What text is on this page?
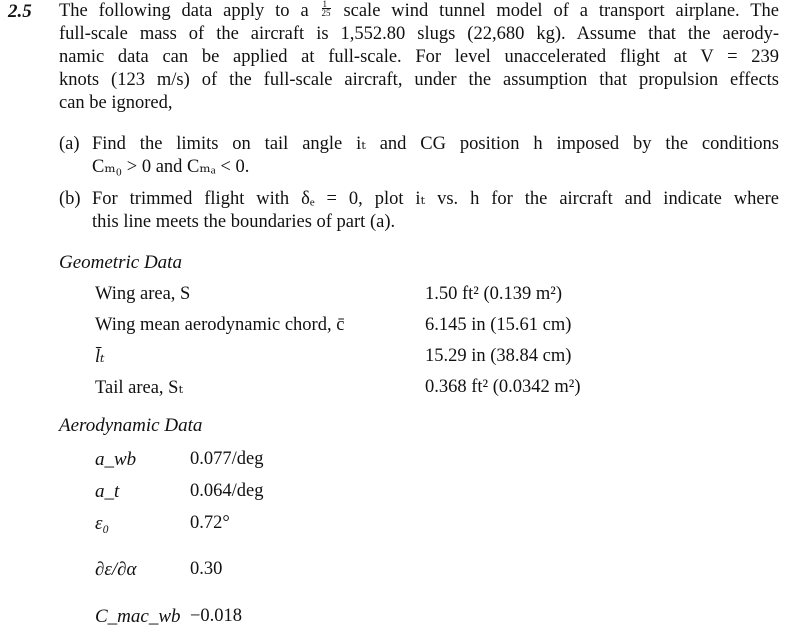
2.5 The following data apply to a $\frac{1}{25}$ scale wind tunnel model of a transport airplane. The
full-scale mass of the aircraft is 1,552.80 slugs (22,680 kg). Assume that the aerody-
namic data can be applied at full-scale. For level unaccelerated flight at V = 239
knots (123 m/s) of the full-scale aircraft, under the assumption that propulsion effects
can be ignored,
(a) Find the limits on tail angle iₜ and CG position h imposed by the conditions
Cₘ₀ > 0 and Cₘₐ < 0.
(b) For trimmed flight with δₑ = 0, plot iₜ vs. h for the aircraft and indicate where
this line meets the boundaries of part (a).
Geometric Data
Wing area, S	1.50 ft² (0.139 m²)
Wing mean aerodynamic chord, c̄	6.145 in (15.61 cm)
l̄ₜ	15.29 in (38.84 cm)
Tail area, Sₜ	0.368 ft² (0.0342 m²)
Aerodynamic Data
a_wb	0.077/deg
a_t	0.064/deg
ε₀	0.72°
∂ε/∂α	0.30
C_mac_wb −0.018
